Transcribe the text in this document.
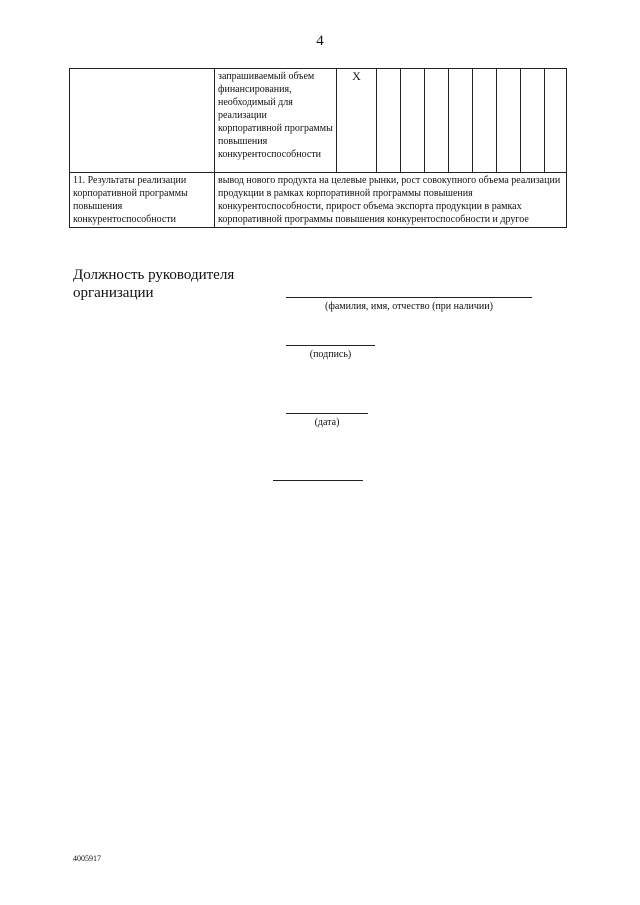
4
	запрашиваемый объем финансирования, необходимый для реализации корпоративной программы повышения конкурентоспособности	X								
11. Результаты реализации корпоративной программы повышения конкурентоспособности	вывод нового продукта на целевые рынки, рост совокупного объема реализации продукции в рамках корпоративной программы повышения конкурентоспособности, прирост объема экспорта продукции в рамках корпоративной программы повышения конкурентоспособности и другое									
Должность руководителя организации
(фамилия, имя, отчество (при наличии)
(подпись)
(дата)
4005917
